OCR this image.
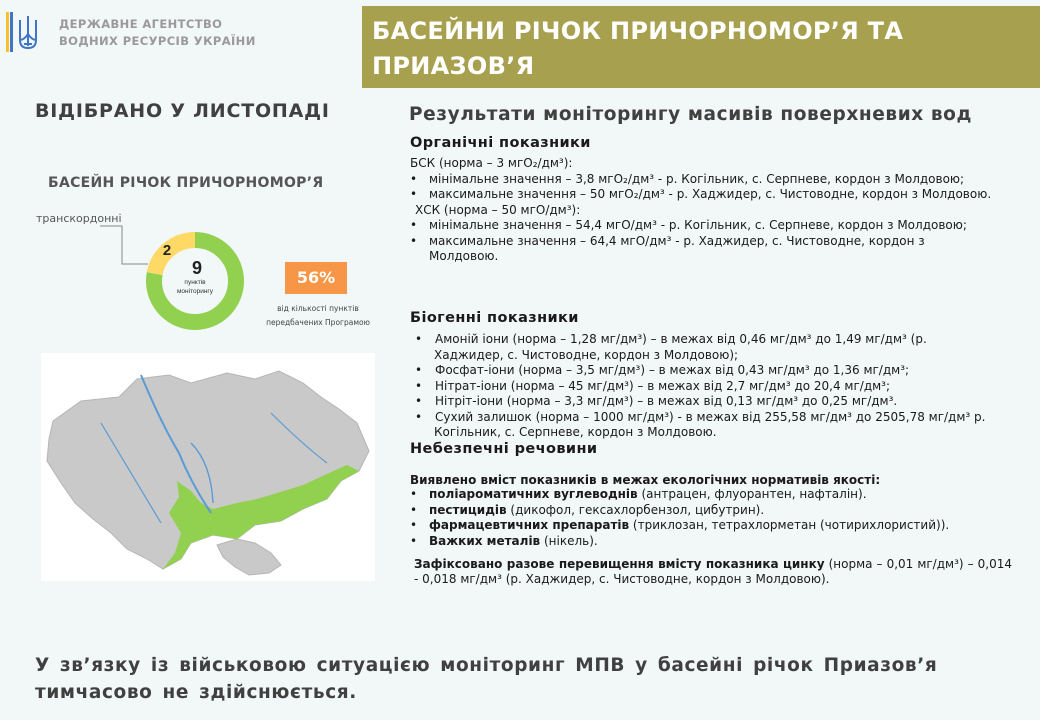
ДЕРЖАВНЕ АГЕНТСТВО
ВОДНИХ РЕСУРСІВ УКРАЇНИ	БАСЕЙНИ РІЧОК ПРИЧОРНОМОР’Я ТА ПРИАЗОВ’Я
ВІДІБРАНО У ЛИСТОПАДІ
БАСЕЙН РІЧОК ПРИЧОРНОМОР’Я
транскордонні
2
9
пунктів
моніторингу
56%
від кількості пунктів
передбачених Програмою
Результати моніторингу масивів поверхневих вод
Органічні показники
БСК (норма – 3 мгО₂/дм³):
• мінімальне значення – 3,8 мгО₂/дм³ - р. Когільник, с. Серпневе, кордон з Молдовою;
• максимальне значення – 50 мгО₂/дм³ - р. Хаджидер, с. Чистоводне, кордон з Молдовою.
ХСК (норма – 50 мгО/дм³):
• мінімальне значення – 54,4 мгО/дм³ - р. Когільник, с. Серпневе, кордон з Молдовою;
• максимальне значення – 64,4 мгО/дм³ - р. Хаджидер, с. Чистоводне, кордон з Молдовою.
Біогенні показники
• Амоній іони (норма – 1,28 мг/дм³) – в межах від 0,46 мг/дм³ до 1,49 мг/дм³ (р. Хаджидер, с. Чистоводне, кордон з Молдовою);
• Фосфат-іони (норма – 3,5 мг/дм³) – в межах від 0,43 мг/дм³ до 1,36 мг/дм³;
• Нітрат-іони (норма – 45 мг/дм³) – в межах від 2,7 мг/дм³ до 20,4 мг/дм³;
• Нітріт-іони (норма – 3,3 мг/дм³) – в межах від 0,13 мг/дм³ до 0,25 мг/дм³.
• Сухий залишок (норма – 1000 мг/дм³) - в межах від 255,58 мг/дм³ до 2505,78 мг/дм³ р. Когільник, с. Серпневе, кордон з Молдовою.
Небезпечні речовини
Виявлено вміст показників в межах екологічних нормативів якості:
• поліароматичних вуглеводнів (антрацен, флуорантен, нафталін).
• пестицидів (дикофол, гексахлорбензол, цибутрин).
• фармацевтичних препаратів (триклозан, тетрахлорметан (чотирихлористий)).
• Важких металів (нікель).
Зафіксовано разове перевищення вмісту показника цинку (норма – 0,01 мг/дм³) – 0,014 - 0,018 мг/дм³ (р. Хаджидер, с. Чистоводне, кордон з Молдовою).
У зв’язку із військовою ситуацією моніторинг МПВ у басейні річок Приазов’я тимчасово не здійснюється.
